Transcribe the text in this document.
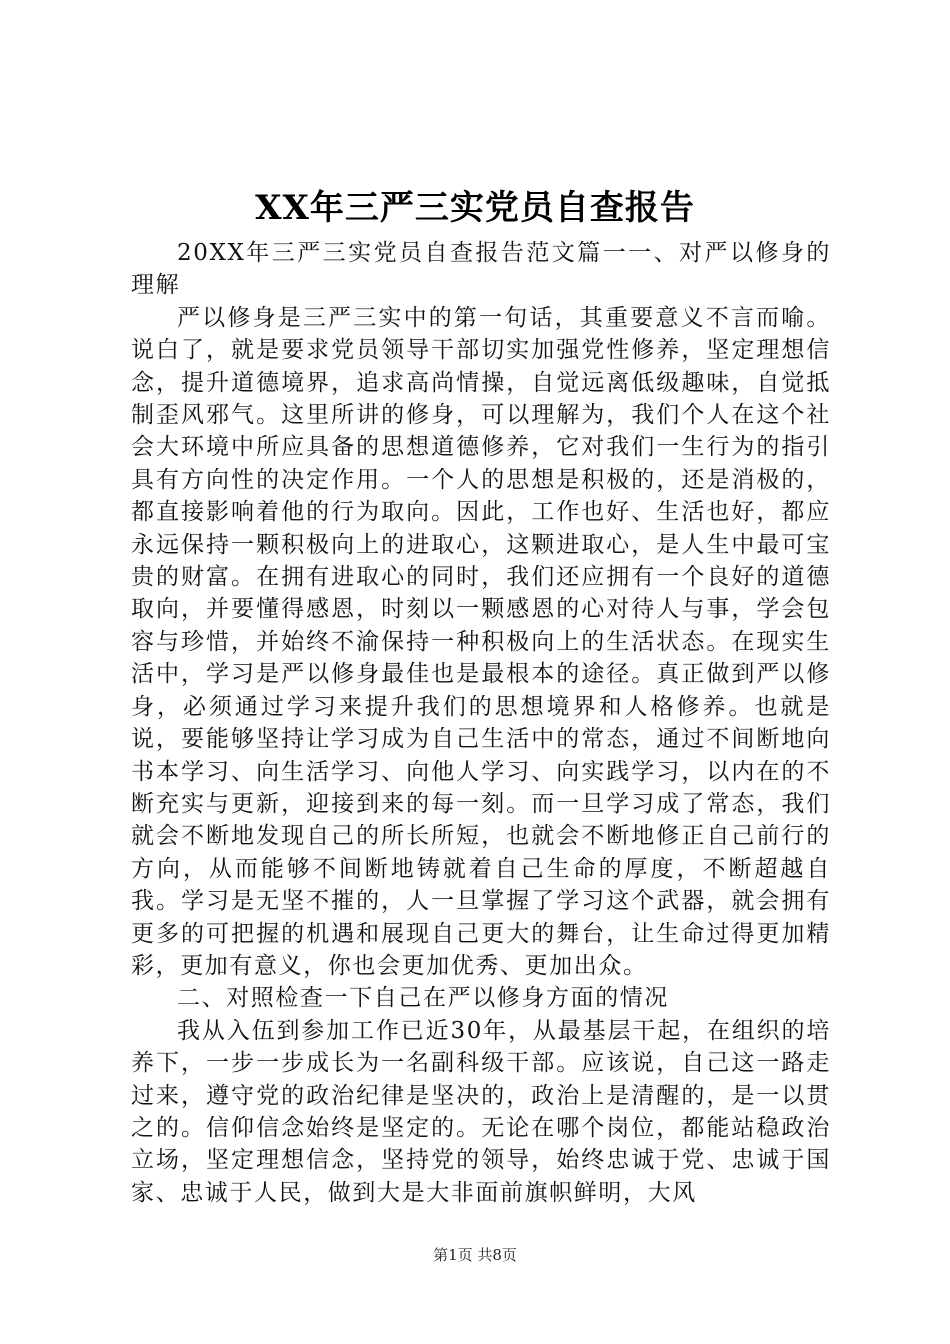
XX年三严三实党员自查报告

20XX年三严三实党员自查报告范文篇一一、对严以修身的理解

严以修身是三严三实中的第一句话，其重要意义不言而喻。说白了，就是要求党员领导干部切实加强党性修养，坚定理想信念，提升道德境界，追求高尚情操，自觉远离低级趣味，自觉抵制歪风邪气。这里所讲的修身，可以理解为，我们个人在这个社会大环境中所应具备的思想道德修养，它对我们一生行为的指引具有方向性的决定作用。一个人的思想是积极的，还是消极的，都直接影响着他的行为取向。因此，工作也好、生活也好，都应永远保持一颗积极向上的进取心，这颗进取心，是人生中最可宝贵的财富。在拥有进取心的同时，我们还应拥有一个良好的道德取向，并要懂得感恩，时刻以一颗感恩的心对待人与事，学会包容与珍惜，并始终不渝保持一种积极向上的生活状态。在现实生活中，学习是严以修身最佳也是最根本的途径。真正做到严以修身，必须通过学习来提升我们的思想境界和人格修养。也就是说，要能够坚持让学习成为自己生活中的常态，通过不间断地向书本学习、向生活学习、向他人学习、向实践学习，以内在的不断充实与更新，迎接到来的每一刻。而一旦学习成了常态，我们就会不断地发现自己的所长所短，也就会不断地修正自己前行的方向，从而能够不间断地铸就着自己生命的厚度，不断超越自我。学习是无坚不摧的，人一旦掌握了学习这个武器，就会拥有更多的可把握的机遇和展现自己更大的舞台，让生命过得更加精彩，更加有意义，你也会更加优秀、更加出众。

二、对照检查一下自己在严以修身方面的情况

我从入伍到参加工作已近30年，从最基层干起，在组织的培养下，一步一步成长为一名副科级干部。应该说，自己这一路走过来，遵守党的政治纪律是坚决的，政治上是清醒的，是一以贯之的。信仰信念始终是坚定的。无论在哪个岗位，都能站稳政治立场，坚定理想信念，坚持党的领导，始终忠诚于党、忠诚于国家、忠诚于人民，做到大是大非面前旗帜鲜明，大风

第1页 共8页
